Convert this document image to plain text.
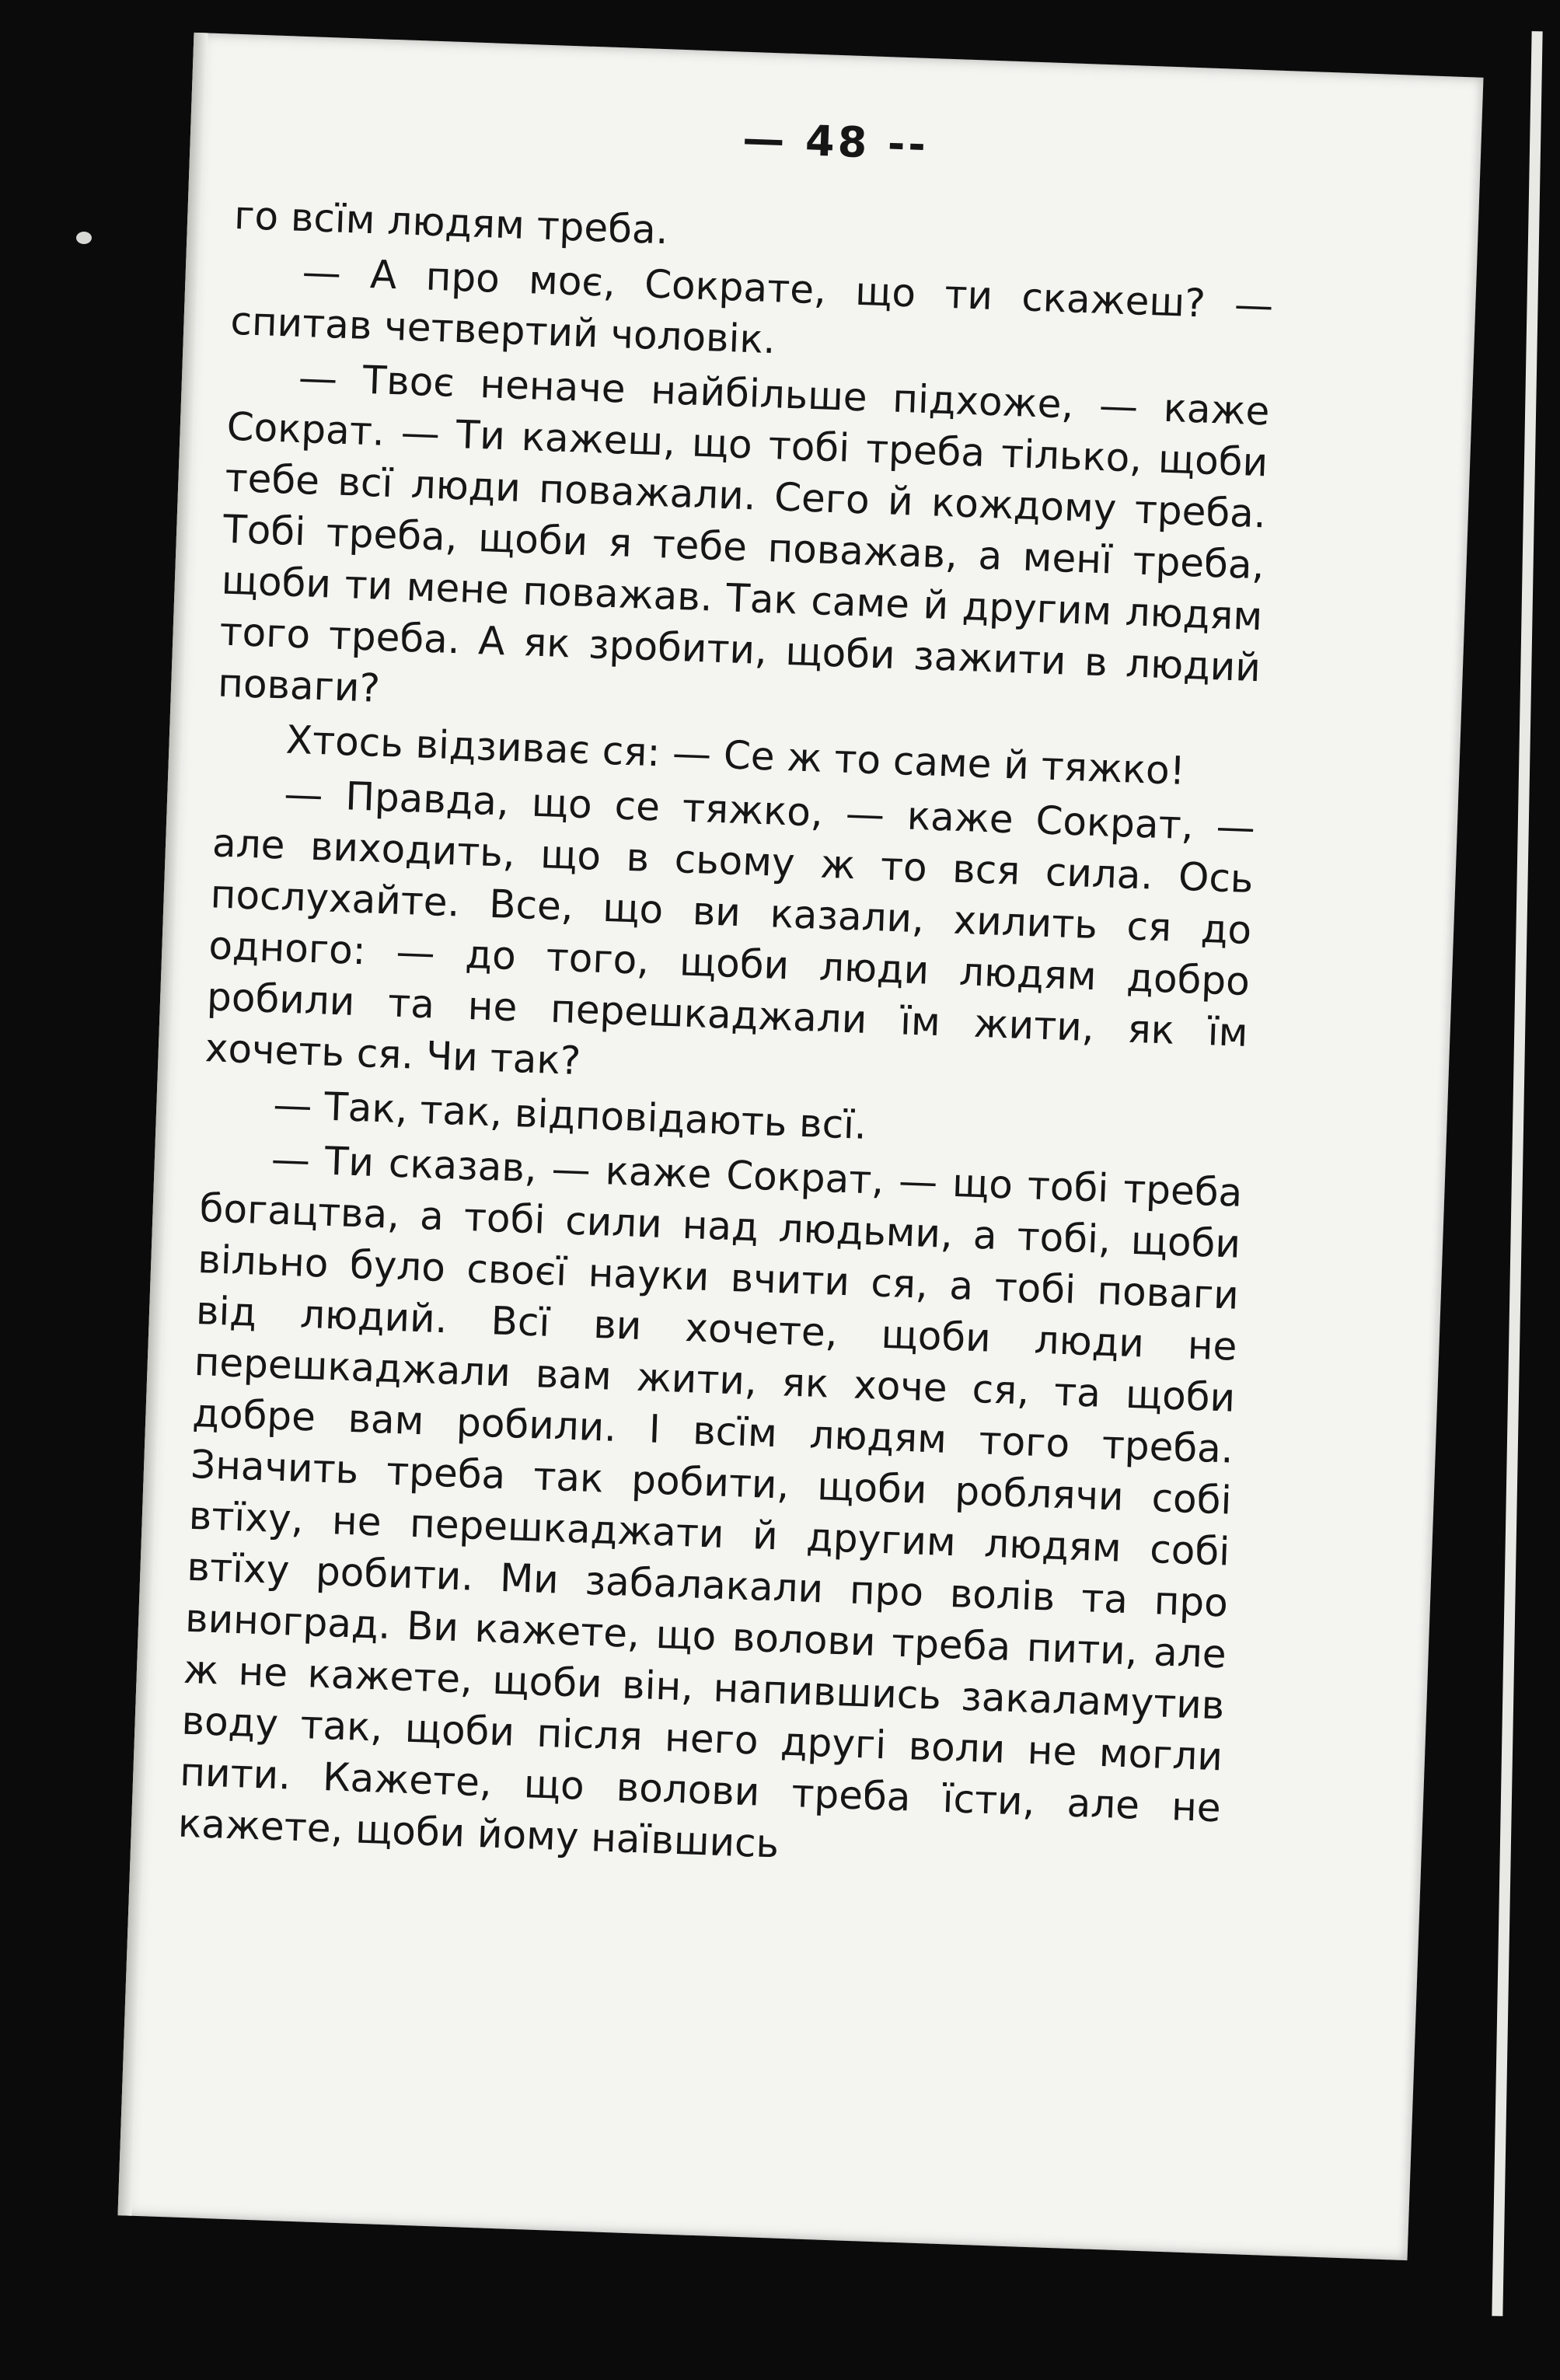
— 48 --

го всїм людям треба.

— А про моє, Сократе, що ти скажеш? — спитав четвертий чоловік.

— Твоє неначе найбільше підхоже, — каже Сократ. — Ти кажеш, що тобі треба тілько, щоби тебе всї люди поважали. Сего й кождому треба. Тобі треба, щоби я тебе поважав, а менї треба, щоби ти мене поважав. Так саме й другим людям того треба. А як зробити, щоби зажити в людий поваги?

Хтось відзиває ся: — Се ж то саме й тяжко!

— Правда, що се тяжко, — каже Сократ, — але виходить, що в сьому ж то вся сила. Ось послухайте. Все, що ви казали, хилить ся до одного: — до того, щоби люди людям добро робили та не перешкаджали їм жити, як їм хочеть ся. Чи так?

— Так, так, відповідають всї.

— Ти сказав, — каже Сократ, — що тобі треба богацтва, а тобі сили над людьми, а тобі, щоби вільно було своєї науки вчити ся, а тобі поваги від людий. Всї ви хочете, щоби люди не перешкаджали вам жити, як хоче ся, та щоби добре вам робили. І всїм людям того треба. Значить треба так робити, щоби роблячи собі втїху, не перешкаджати й другим людям собі втїху робити. Ми забалакали про волів та про виноград. Ви кажете, що волови треба пити, але ж не кажете, щоби він, напившись закаламутив воду так, щоби після него другі воли не могли пити. Кажете, що волови треба їсти, але не кажете, щоби йому наївшись
